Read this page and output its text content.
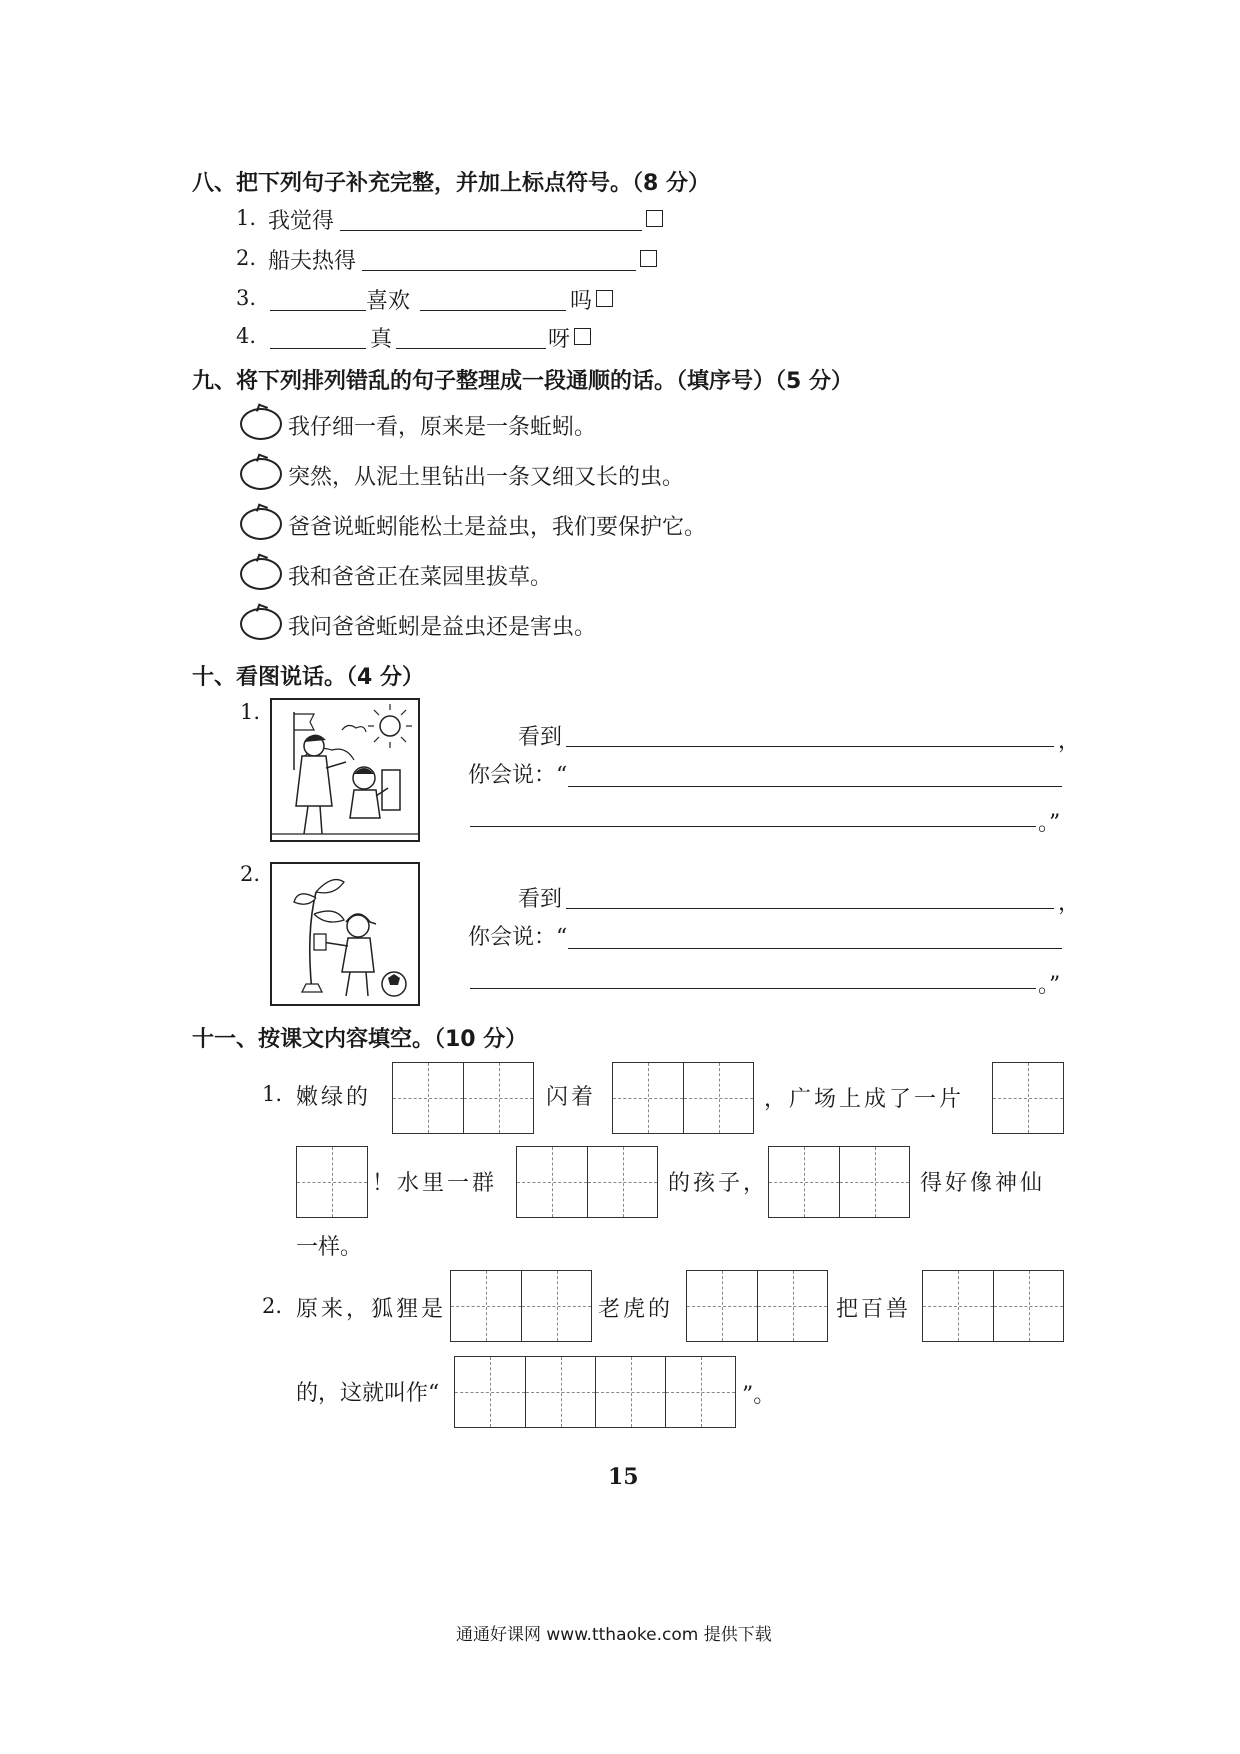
八、把下列句子补充完整，并加上标点符号。（8 分）
1. 我觉得
2. 船夫热得
3.	喜欢	吗
4.	真	呀
九、将下列排列错乱的句子整理成一段通顺的话。（填序号）（5 分）
我仔细一看，原来是一条蚯蚓。
突然，从泥土里钻出一条又细又长的虫。
爸爸说蚯蚓能松土是益虫，我们要保护它。
我和爸爸正在菜园里拔草。
我问爸爸蚯蚓是益虫还是害虫。
十、看图说话。（4 分）
1.
看到	，
你会说：“
。”
2.
看到	，
你会说：“
。”
十一、按课文内容填空。（10 分）
1. 嫩绿的	闪着	，广场上成了一片
！水里一群	的孩子，	得好像神仙
一样。
2. 原来，狐狸是	老虎的	把百兽
的，这就叫作“	”。
15
通通好课网 www.tthaoke.com 提供下载
